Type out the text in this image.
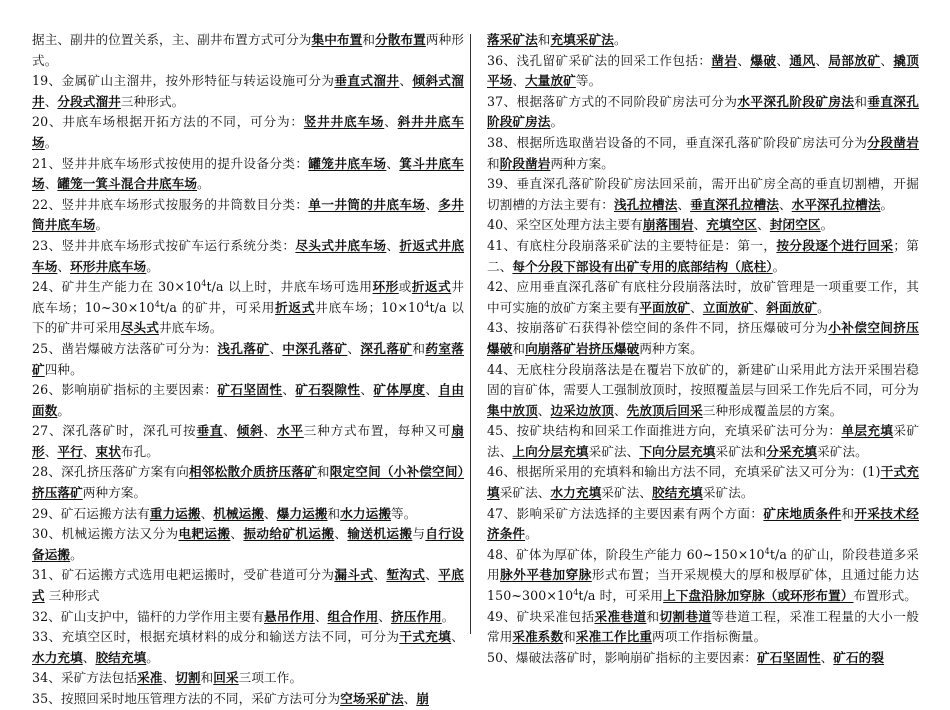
据主、副井的位置关系，主、副井布置方式可分为集中布置和分散布置两种形式。

19、金属矿山主溜井，按外形特征与转运设施可分为垂直式溜井、倾斜式溜井、分段式溜井三种形式。

20、井底车场根据开拓方法的不同，可分为：竖井井底车场、斜井井底车场。

21、竖井井底车场形式按使用的提升设备分类：罐笼井底车场、箕斗井底车场、罐笼一箕斗混合井底车场。

22、竖井井底车场形式按服务的井筒数目分类：单一井筒的井底车场、多井筒井底车场。

23、竖井井底车场形式按矿车运行系统分类：尽头式井底车场、折返式井底车场、环形井底车场。

24、矿井生产能力在 $30\times 10^4t/a$ 以上时，井底车场可选用环形或折返式井底车场；$10\sim 30\times 10^4t/a$ 的矿井，可采用折返式井底车场；$10\times 10^4t/a$ 以下的矿井可采用尽头式井底车场。

25、凿岩爆破方法落矿可分为：浅孔落矿、中深孔落矿、深孔落矿和药室落矿四种。

26、影响崩矿指标的主要因素：矿石坚固性、矿石裂隙性、矿体厚度、自由面数。

27、深孔落矿时，深孔可按垂直、倾斜、水平三种方式布置，每种又可扇形、平行、束状布孔。

28、深孔挤压落矿方案有向相邻松散介质挤压落矿和限定空间（小补偿空间）挤压落矿两种方案。

29、矿石运搬方法有重力运搬、机械运搬、爆力运搬和水力运搬等。

30、机械运搬方法又分为电耙运搬、振动给矿机运搬、输送机运搬与自行设备运搬。

31、矿石运搬方式选用电耙运搬时，受矿巷道可分为漏斗式、堑沟式、平底式 三种形式

32、矿山支护中，锚杆的力学作用主要有悬吊作用、组合作用、挤压作用。

33、充填空区时，根据充填材料的成分和输送方法不同，可分为干式充填、水力充填、胶结充填。

34、采矿方法包括采准、切割和回采三项工作。

35、按照回采时地压管理方法的不同，采矿方法可分为空场采矿法、崩

落采矿法和充填采矿法。

36、浅孔留矿采矿法的回采工作包括：凿岩、爆破、通风、局部放矿、撬顶平场、大量放矿等。

37、根据落矿方式的不同阶段矿房法可分为水平深孔阶段矿房法和垂直深孔阶段矿房法。

38、根据所选取凿岩设备的不同，垂直深孔落矿阶段矿房法可分为分段凿岩和阶段凿岩两种方案。

39、垂直深孔落矿阶段矿房法回采前，需开出矿房全高的垂直切割槽，开掘切割槽的方法主要有：浅孔拉槽法、垂直深孔拉槽法、水平深孔拉槽法。

40、采空区处理方法主要有崩落围岩、充填空区、封闭空区。

41、有底柱分段崩落采矿法的主要特征是：第一，按分段逐个进行回采；第二、每个分段下部设有出矿专用的底部结构（底柱）。

42、应用垂直深孔落矿有底柱分段崩落法时，放矿管理是一项重要工作，其中可实施的放矿方案主要有平面放矿、立面放矿、斜面放矿。

43、按崩落矿石获得补偿空间的条件不同，挤压爆破可分为小补偿空间挤压爆破和向崩落矿岩挤压爆破两种方案。

44、无底柱分段崩落法是在覆岩下放矿的，新建矿山采用此方法开采围岩稳固的盲矿体，需要人工强制放顶时，按照覆盖层与回采工作先后不同，可分为集中放顶、边采边放顶、先放顶后回采三种形成覆盖层的方案。

45、按矿块结构和回采工作面推进方向，充填采矿法可分为：单层充填采矿法、上向分层充填采矿法、下向分层充填采矿法和分采充填采矿法。

46、根据所采用的充填料和输出方法不同，充填采矿法又可分为：(1)干式充填采矿法、水力充填采矿法、胶结充填采矿法。

47、影响采矿方法选择的主要因素有两个方面：矿床地质条件和开采技术经济条件。

48、矿体为厚矿体，阶段生产能力 $60\sim 150\times 10^4t/a$ 的矿山，阶段巷道多采用脉外平巷加穿脉形式布置；当开采规模大的厚和极厚矿体，且通过能力达 $150\sim 300\times 10^4t/a$ 时，可采用上下盘沿脉加穿脉（或环形布置）布置形式。

49、矿块采准包括采准巷道和切割巷道等巷道工程，采准工程量的大小一般常用采准系数和采准工作比重两项工作指标衡量。

50、爆破法落矿时，影响崩矿指标的主要因素：矿石坚固性、矿石的裂
